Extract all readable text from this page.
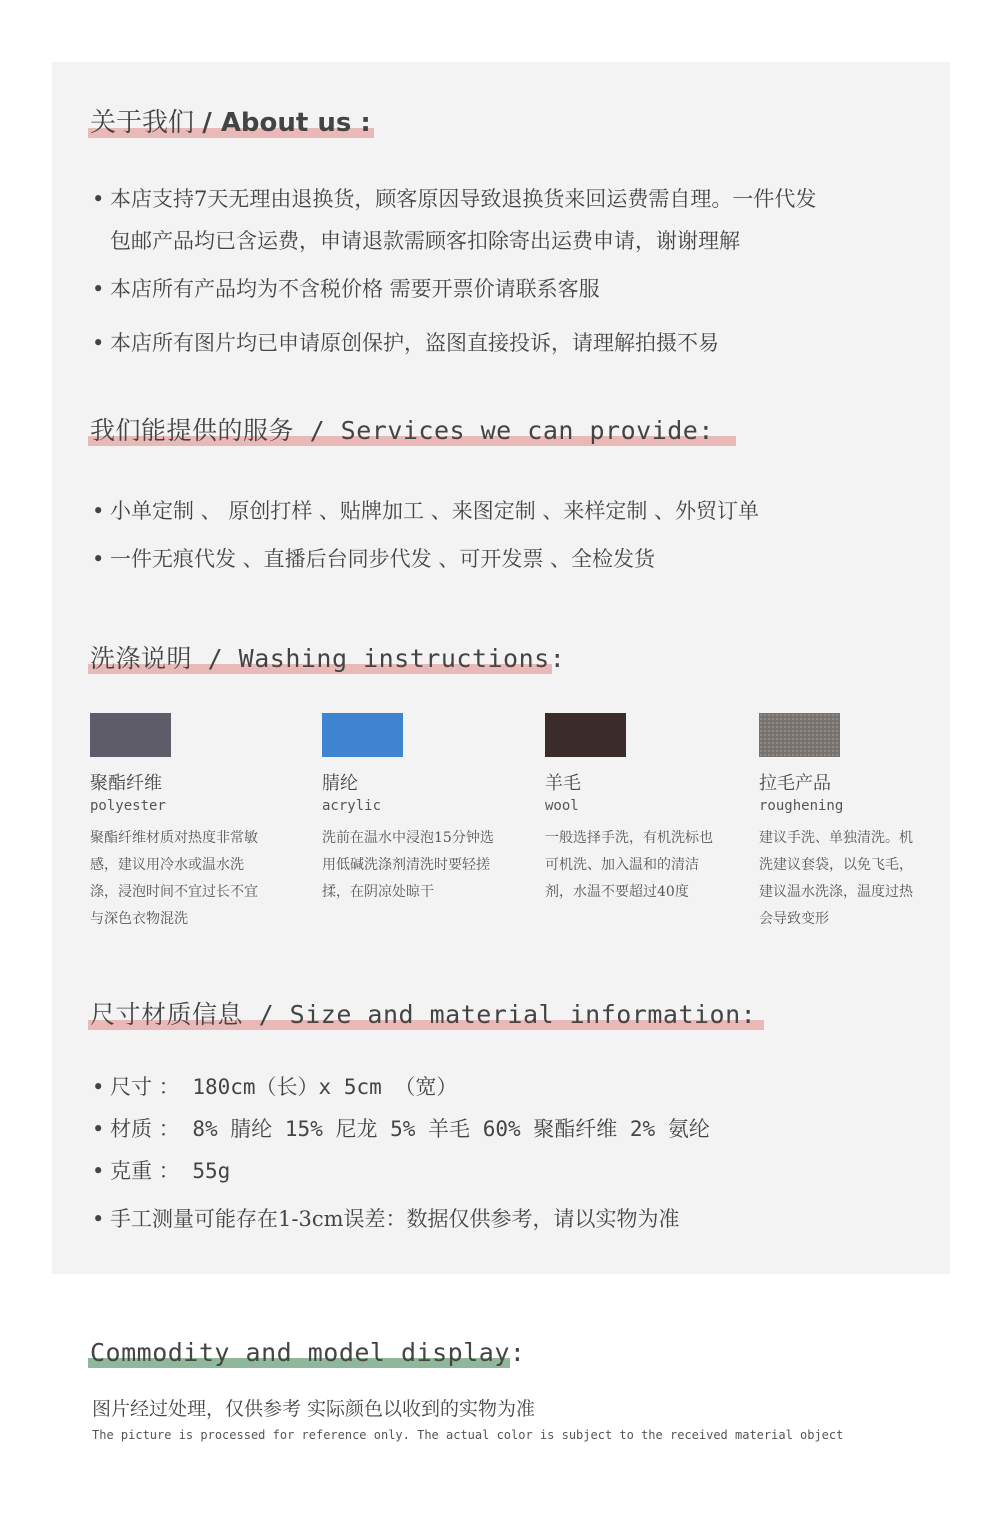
关于我们 / About us :
• 本店支持7天无理由退换货，顾客原因导致退换货来回运费需自理。一件代发
包邮产品均已含运费，申请退款需顾客扣除寄出运费申请，谢谢理解
• 本店所有产品均为不含税价格 需要开票价请联系客服
• 本店所有图片均已申请原创保护，盗图直接投诉，请理解拍摄不易
我们能提供的服务 / Services we can provide:
• 小单定制 、 原创打样 、贴牌加工 、来图定制 、来样定制 、外贸订单
• 一件无痕代发 、直播后台同步代发 、可开发票 、全检发货
洗涤说明 / Washing instructions:
聚酯纤维
polyester
聚酯纤维材质对热度非常敏感，建议用冷水或温水洗涤，浸泡时间不宜过长不宜与深色衣物混洗
腈纶
acrylic
洗前在温水中浸泡15分钟选用低碱洗涤剂清洗时要轻搓揉，在阴凉处晾干
羊毛
wool
一般选择手洗，有机洗标也可机洗、加入温和的清洁剂，水温不要超过40度
拉毛产品
roughening
建议手洗、单独清洗。机洗建议套袋，以免飞毛，建议温水洗涤，温度过热会导致变形
尺寸材质信息 / Size and material information:
• 尺寸 ： 180cm（长）x 5cm （宽）
• 材质 ： 8% 腈纶 15% 尼龙 5% 羊毛 60% 聚酯纤维 2% 氨纶
• 克重 ： 55g
• 手工测量可能存在1-3cm误差：数据仅供参考，请以实物为准
Commodity and model display:
图片经过处理，仅供参考 实际颜色以收到的实物为准
The picture is processed for reference only. The actual color is subject to the received material object
